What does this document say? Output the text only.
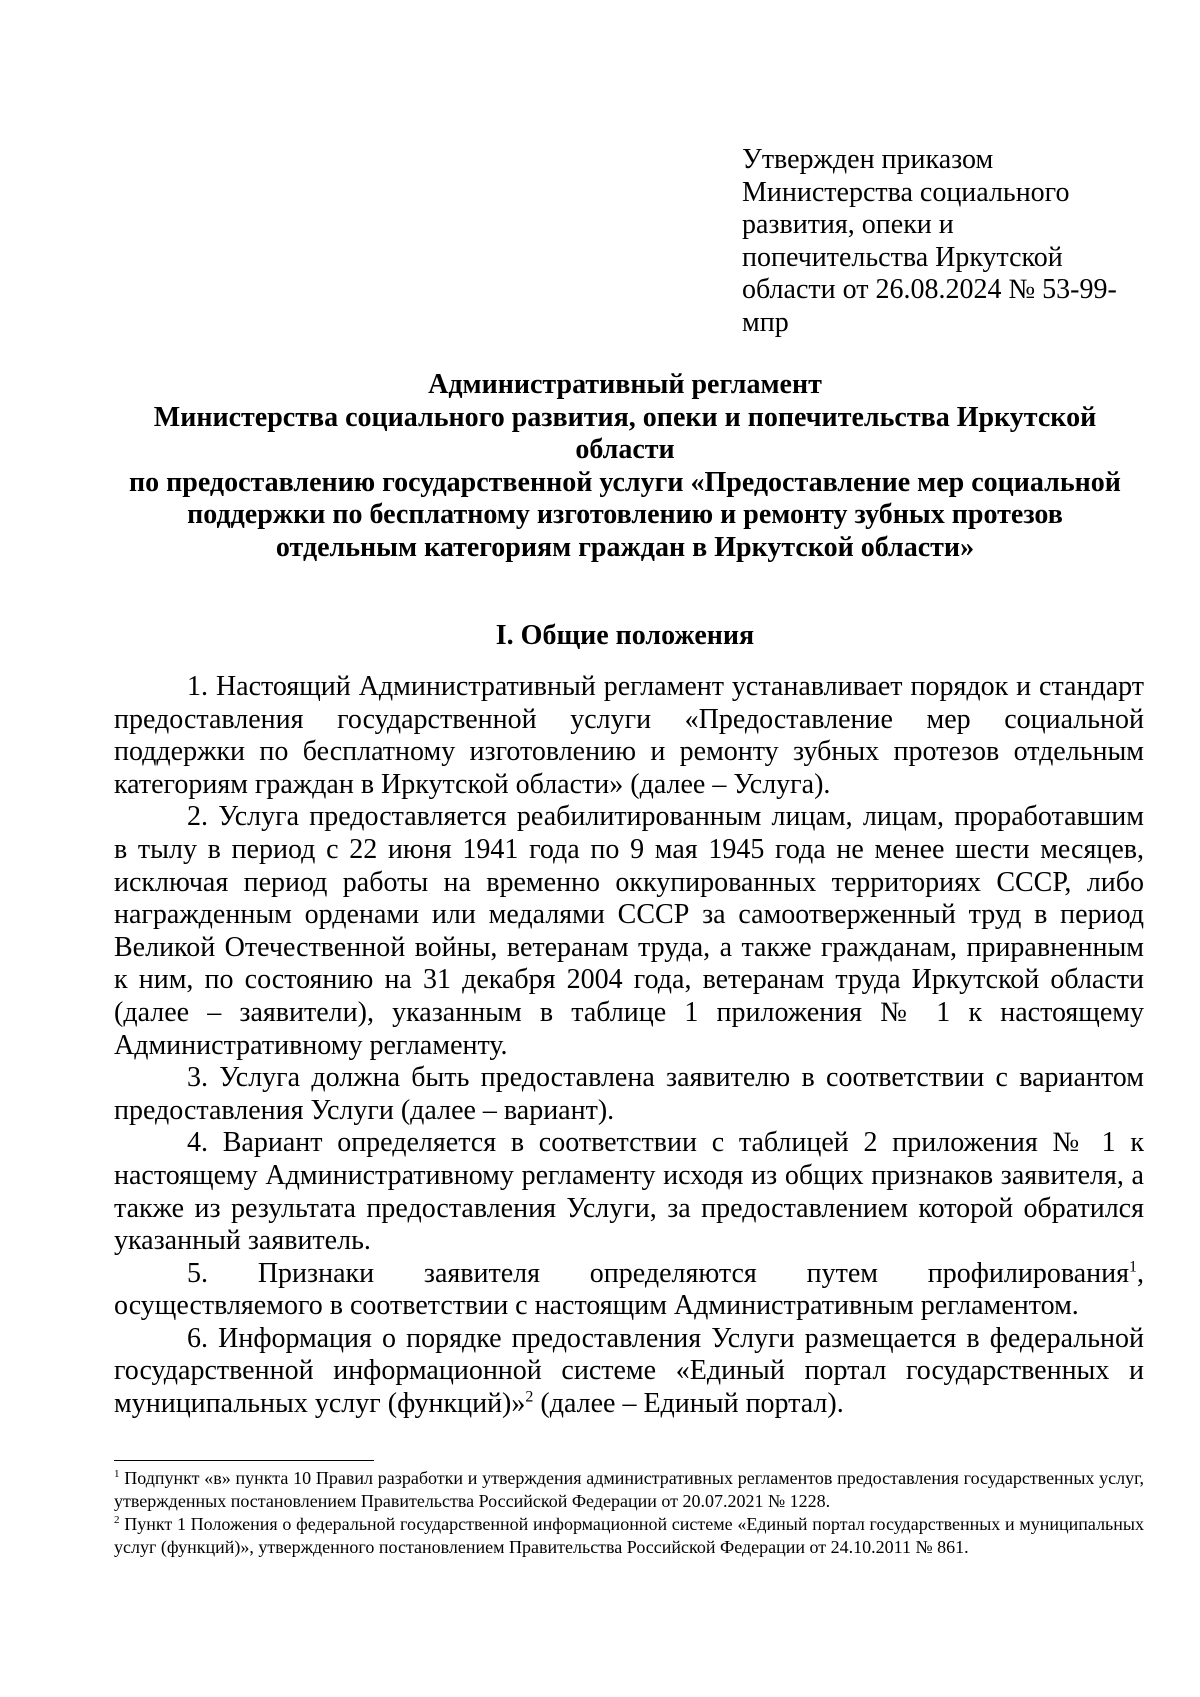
Утвержден приказом
Министерства социального
развития, опеки и
попечительства Иркутской
области от 26.08.2024 № 53-99-
мпр
Административный регламент
Министерства социального развития, опеки и попечительства Иркутской
области
по предоставлению государственной услуги «Предоставление мер социальной
поддержки по бесплатному изготовлению и ремонту зубных протезов
отдельным категориям граждан в Иркутской области»
I. Общие положения

1. Настоящий Административный регламент устанавливает порядок и стандарт предоставления государственной услуги «Предоставление мер социальной поддержки по бесплатному изготовлению и ремонту зубных протезов отдельным категориям граждан в Иркутской области» (далее – Услуга).

2. Услуга предоставляется реабилитированным лицам, лицам, проработавшим в тылу в период с 22 июня 1941 года по 9 мая 1945 года не менее шести месяцев, исключая период работы на временно оккупированных территориях СССР, либо награжденным орденами или медалями СССР за самоотверженный труд в период Великой Отечественной войны, ветеранам труда, а также гражданам, приравненным к ним, по состоянию на 31 декабря 2004 года, ветеранам труда Иркутской области (далее – заявители), указанным в таблице 1 приложения № 1 к настоящему Административному регламенту.

3. Услуга должна быть предоставлена заявителю в соответствии с вариантом предоставления Услуги (далее – вариант).

4. Вариант определяется в соответствии с таблицей 2 приложения № 1 к настоящему Административному регламенту исходя из общих признаков заявителя, а также из результата предоставления Услуги, за предоставлением которой обратился указанный заявитель.

5. Признаки заявителя определяются путем профилирования$^1$, осуществляемого в соответствии с настоящим Административным регламентом.

6. Информация о порядке предоставления Услуги размещается в федеральной государственной информационной системе «Единый портал государственных и муниципальных услуг (функций)»$^2$ (далее – Единый портал).

$^1$ Подпункт «в» пункта 10 Правил разработки и утверждения административных регламентов предоставления государственных услуг, утвержденных постановлением Правительства Российской Федерации от 20.07.2021 № 1228.

$^2$ Пункт 1 Положения о федеральной государственной информационной системе «Единый портал государственных и муниципальных услуг (функций)», утвержденного постановлением Правительства Российской Федерации от 24.10.2011 № 861.
